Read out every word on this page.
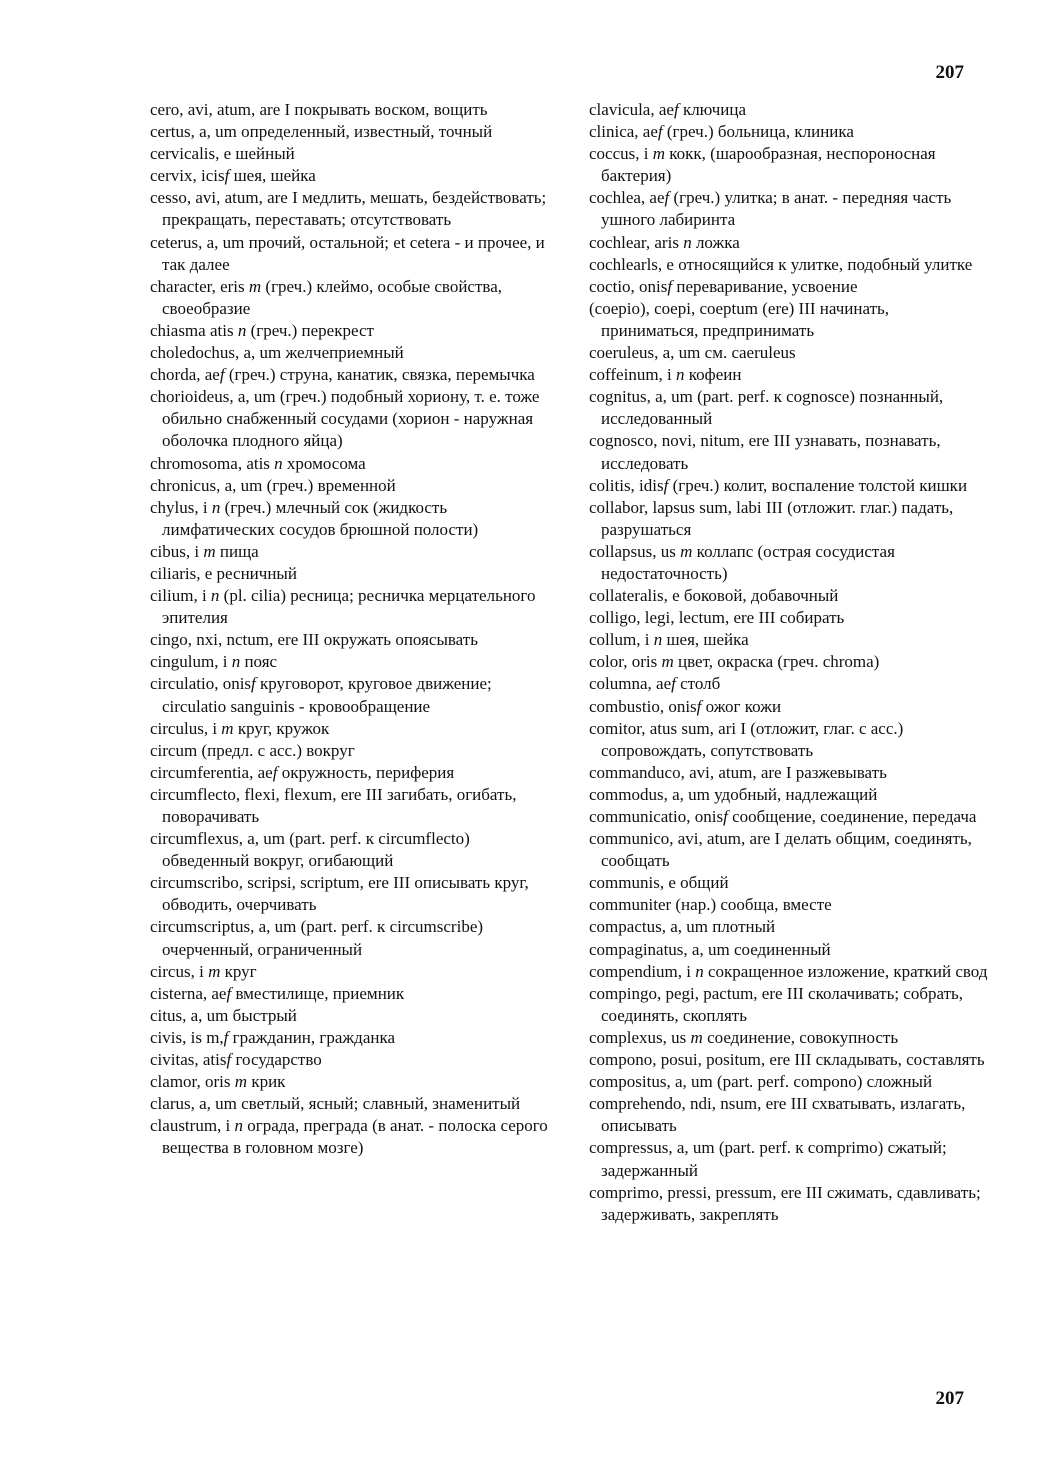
207

cero, avi, atum, are I покрывать воском, вощить

certus, a, um определенный, известный, точный

cervicalis, e шейный

cervix, icisf шея, шейка

cesso, avi, atum, are I медлить, мешать, бездействовать; прекращать, переставать; отсутствовать

ceterus, a, um прочий, остальной; et cetera - и прочее, и так далее

character, eris m (греч.) клеймо, особые свойства, своеобразие

chiasma atis n (греч.) перекрест

choledochus, a, um желчеприемный

chorda, aef (греч.) струна, канатик, связка, перемычка

chorioideus, a, um (греч.) подобный хориону, т. е. тоже обильно снабженный сосудами (хорион - наружная оболочка плодного яйца)

chromosoma, atis n хромосома

chronicus, a, um (греч.) временной

chylus, i n (греч.) млечный сок (жидкость лимфатических сосудов брюшной полости)

cibus, i m пища

ciliaris, e ресничный

cilium, i n (pl. cilia) ресница; ресничка мерцательного эпителия

cingo, nxi, nctum, ere III окружать опоясывать

cingulum, i n пояс

circulatio, onisf круговорот, круговое движение; circulatio sanguinis - кровообращение

circulus, i m круг, кружок

circum (предл. с acc.) вокруг

circumferentia, aef окружность, периферия

circumflecto, flexi, flexum, ere III загибать, огибать, поворачивать

circumflexus, a, um (part. perf. к circumflecto) обведенный вокруг, огибающий

circumscribo, scripsi, scriptum, ere III описывать круг, обводить, очерчивать

circumscriptus, a, um (part. perf. к circumscribe) очерченный, ограниченный

circus, i m круг

cisterna, aef вместилище, приемник

citus, a, um быстрый

civis, is m,f гражданин, гражданка

civitas, atisf государство

clamor, oris m крик

clarus, a, um светлый, ясный; славный, знаменитый

claustrum, i n ограда, преграда (в анат. - полоска серого вещества в головном мозге)

clavicula, aef ключица

clinica, aef (греч.) больница, клиника

coccus, i m кокк, (шарообразная, неспороносная бактерия)

cochlea, aef (греч.) улитка; в анат. - передняя часть ушного лабиринта

cochlear, aris n ложка

cochlearls, e относящийся к улитке, подобный улитке

coctio, onisf переваривание, усвоение

(coepio), coepi, coeptum (ere) III начинать, приниматься, предпринимать

coeruleus, a, um см. caeruleus

coffeinum, i n кофеин

cognitus, a, um (part. perf. к cognosce) познанный, исследованный

cognosco, novi, nitum, ere III узнавать, познавать, исследовать

colitis, idisf (греч.) колит, воспаление толстой кишки

collabor, lapsus sum, labi III (отложит. глаг.) падать, разрушаться

collapsus, us m коллапс (острая сосудистая недостаточность)

collateralis, e боковой, добавочный

colligo, legi, lectum, ere III собирать

collum, i n шея, шейка

color, oris m цвет, окраска (греч. chroma)

columna, aef столб

combustio, onisf ожог кожи

comitor, atus sum, ari I (отложит, глаг. с acc.) сопровождать, сопутствовать

commanduco, avi, atum, are I разжевывать

commodus, a, um удобный, надлежащий

communicatio, onisf сообщение, соединение, передача

communico, avi, atum, are I делать общим, соединять, сообщать

communis, e общий

communiter (нар.) сообща, вместе

compactus, a, um плотный

compaginatus, a, um соединенный

compendium, i n сокращенное изложение, краткий свод

compingo, pegi, pactum, ere III сколачивать; собрать, соединять, скоплять

complexus, us m соединение, совокупность

compono, posui, positum, ere III складывать, составлять

compositus, a, um (part. perf. compono) сложный

comprehendo, ndi, nsum, ere III схватывать, излагать, описывать

compressus, a, um (part. perf. к comprimo) сжатый; задержанный

comprimo, pressi, pressum, ere III сжимать, сдавливать; задерживать, закреплять

207
